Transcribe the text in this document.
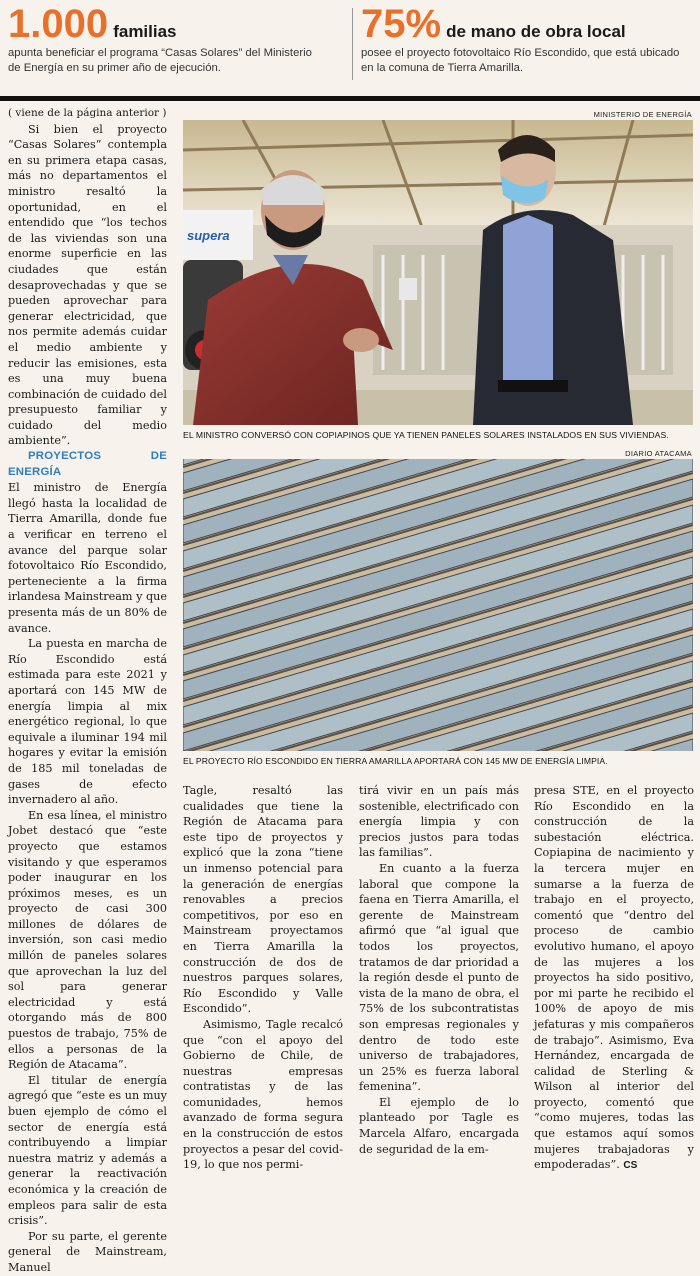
1.000 familias
apunta beneficiar el programa “Casas Solares” del Ministerio de Energía en su primer año de ejecución.
75% de mano de obra local
posee el proyecto fotovoltaico Río Escondido, que está ubicado en la comuna de Tierra Amarilla.

( viene de la página anterior )

Si bien el proyecto “Casas Solares” contempla en su primera etapa casas, más no departamentos el ministro resaltó la oportunidad, en el entendido que “los techos de las viviendas son una enorme superficie en las ciudades que están desaprovechadas y que se pueden aprovechar para generar electricidad, que nos permite además cuidar el medio ambiente y reducir las emisiones, esta es una muy buena combinación de cuidado del presupuesto familiar y cuidado del medio ambiente”.

PROYECTOS DE ENERGÍA

El ministro de Energía llegó hasta la localidad de Tierra Amarilla, donde fue a verificar en terreno el avance del parque solar fotovoltaico Río Escondido, perteneciente a la firma irlandesa Mainstream y que presenta más de un 80% de avance.

La puesta en marcha de Río Escondido está estimada para este 2021 y aportará con 145 MW de energía limpia al mix energético regional, lo que equivale a iluminar 194 mil hogares y evitar la emisión de 185 mil toneladas de gases de efecto invernadero al año.

En esa línea, el ministro Jobet destacó que “este proyecto que estamos visitando y que esperamos poder inaugurar en los próximos meses, es un proyecto de casi 300 millones de dólares de inversión, son casi medio millón de paneles solares que aprovechan la luz del sol para generar electricidad y está otorgando más de 800 puestos de trabajo, 75% de ellos a personas de la Región de Atacama”.

El titular de energía agregó que “este es un muy buen ejemplo de cómo el sector de energía está contribuyendo a limpiar nuestra matriz y además a generar la reactivación económica y la creación de empleos para salir de esta crisis”.

Por su parte, el gerente general de Mainstream, Manuel

MINISTERIO DE ENERGÍA
supera
EL MINISTRO CONVERSÓ CON COPIAPINOS QUE YA TIENEN PANELES SOLARES INSTALADOS EN SUS VIVIENDAS.
DIARIO ATACAMA
EL PROYECTO RÍO ESCONDIDO EN TIERRA AMARILLA APORTARÁ CON 145 MW DE ENERGÍA LIMPIA.

Tagle, resaltó las cualidades que tiene la Región de Atacama para este tipo de proyectos y explicó que la zona “tiene un inmenso potencial para la generación de energías renovables a precios competitivos, por eso en Mainstream proyectamos en Tierra Amarilla la construcción de dos de nuestros parques solares, Río Escondido y Valle Escondido”.

Asimismo, Tagle recalcó que “con el apoyo del Gobierno de Chile, de nuestras empresas contratistas y de las comunidades, hemos avanzado de forma segura en la construcción de estos proyectos a pesar del covid-19, lo que nos permi-

tirá vivir en un país más sostenible, electrificado con energía limpia y con precios justos para todas las familias”.

En cuanto a la fuerza laboral que compone la faena en Tierra Amarilla, el gerente de Mainstream afirmó que “al igual que todos los proyectos, tratamos de dar prioridad a la región desde el punto de vista de la mano de obra, el 75% de los subcontratistas son empresas regionales y dentro de todo este universo de trabajadores, un 25% es fuerza laboral femenina”.

El ejemplo de lo planteado por Tagle es Marcela Alfaro, encargada de seguridad de la em-

presa STE, en el proyecto Río Escondido en la construcción de la subestación eléctrica. Copiapina de nacimiento y la tercera mujer en sumarse a la fuerza de trabajo en el proyecto, comentó que “dentro del proceso de cambio evolutivo humano, el apoyo de las mujeres a los proyectos ha sido positivo, por mi parte he recibido el 100% de apoyo de mis jefaturas y mis compañeros de trabajo”. Asimismo, Eva Hernández, encargada de calidad de Sterling & Wilson al interior del proyecto, comentó que “como mujeres, todas las que estamos aquí somos mujeres trabajadoras y empoderadas”. CS
